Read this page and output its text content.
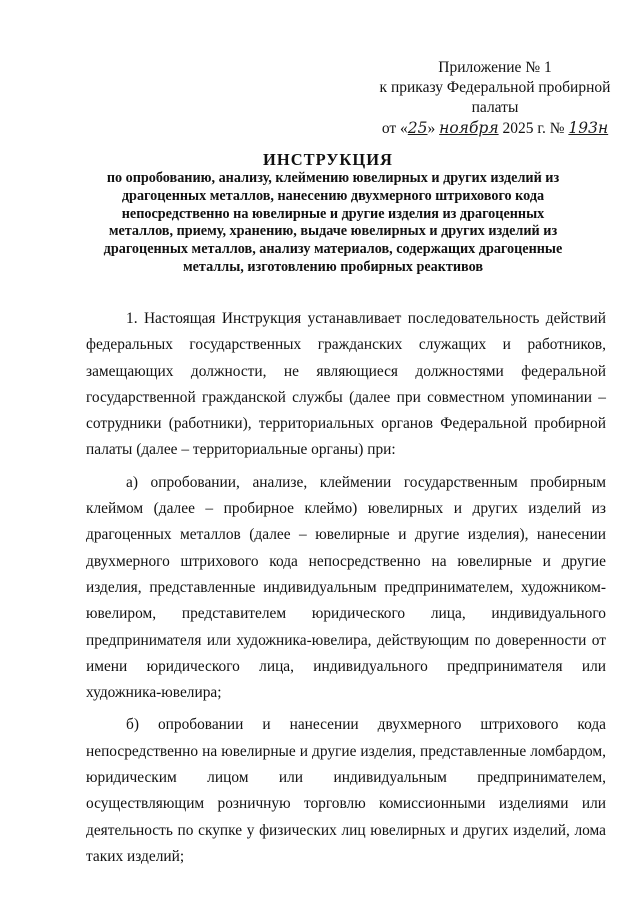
Приложение № 1
к приказу Федеральной пробирной
палаты
от «25» ноября 2025 г. № 193н
ИНСТРУКЦИЯ
по опробованию, анализу, клеймению ювелирных и других изделий из драгоценных металлов, нанесению двухмерного штрихового кода непосредственно на ювелирные и другие изделия из драгоценных металлов, приему, хранению, выдаче ювелирных и других изделий из драгоценных металлов, анализу материалов, содержащих драгоценные металлы, изготовлению пробирных реактивов

1. Настоящая Инструкция устанавливает последовательность действий федеральных государственных гражданских служащих и работников, замещающих должности, не являющиеся должностями федеральной государственной гражданской службы (далее при совместном упоминании – сотрудники (работники), территориальных органов Федеральной пробирной палаты (далее – территориальные органы) при:

а) опробовании, анализе, клеймении государственным пробирным клеймом (далее – пробирное клеймо) ювелирных и других изделий из драгоценных металлов (далее – ювелирные и другие изделия), нанесении двухмерного штрихового кода непосредственно на ювелирные и другие изделия, представленные индивидуальным предпринимателем, художником-ювелиром, представителем юридического лица, индивидуального предпринимателя или художника-ювелира, действующим по доверенности от имени юридического лица, индивидуального предпринимателя или художника-ювелира;

б) опробовании и нанесении двухмерного штрихового кода непосредственно на ювелирные и другие изделия, представленные ломбардом, юридическим лицом или индивидуальным предпринимателем, осуществляющим розничную торговлю комиссионными изделиями или деятельность по скупке у физических лиц ювелирных и других изделий, лома таких изделий;
